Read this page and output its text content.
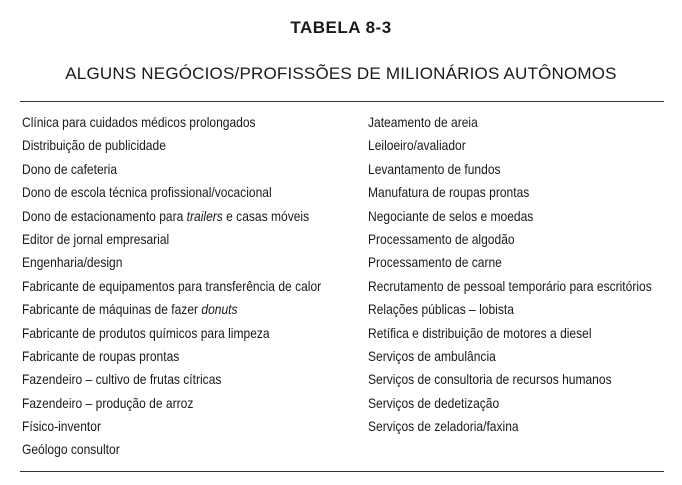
TABELA 8-3
ALGUNS NEGÓCIOS/PROFISSÕES DE MILIONÁRIOS AUTÔNOMOS
Clínica para cuidados médicos prolongados
Distribuição de publicidade
Dono de cafeteria
Dono de escola técnica profissional/vocacional
Dono de estacionamento para trailers e casas móveis
Editor de jornal empresarial
Engenharia/design
Fabricante de equipamentos para transferência de calor
Fabricante de máquinas de fazer donuts
Fabricante de produtos químicos para limpeza
Fabricante de roupas prontas
Fazendeiro – cultivo de frutas cítricas
Fazendeiro – produção de arroz
Físico-inventor
Geólogo consultor
Jateamento de areia
Leiloeiro/avaliador
Levantamento de fundos
Manufatura de roupas prontas
Negociante de selos e moedas
Processamento de algodão
Processamento de carne
Recrutamento de pessoal temporário para escritórios
Relações públicas – lobista
Retífica e distribuição de motores a diesel
Serviços de ambulância
Serviços de consultoria de recursos humanos
Serviços de dedetização
Serviços de zeladoria/faxina
